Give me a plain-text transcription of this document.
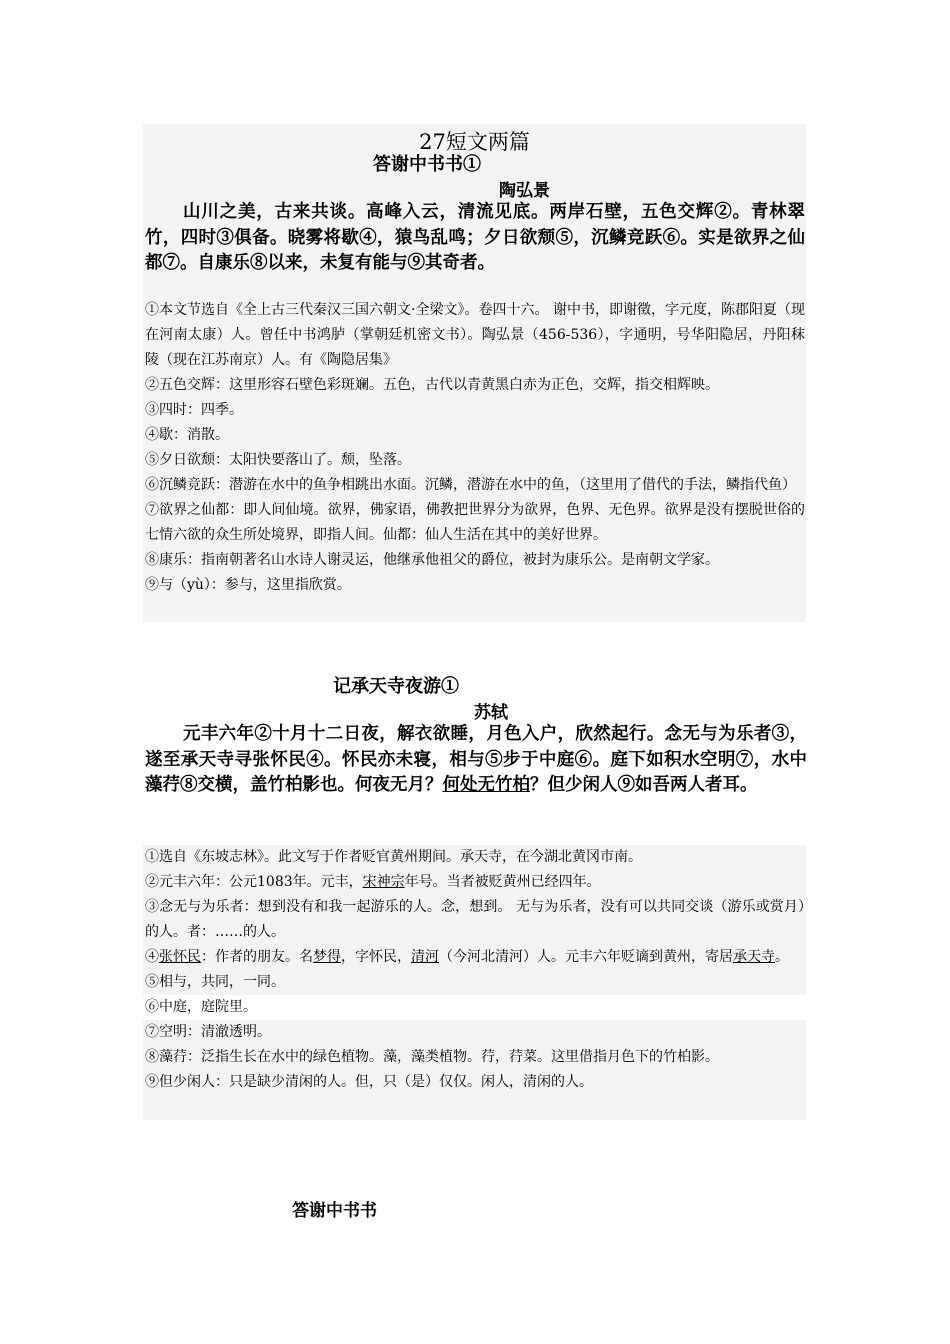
27短文两篇
答谢中书书①
陶弘景
山川之美，古来共谈。高峰入云，清流见底。两岸石壁，五色交辉②。青林翠竹，四时③俱备。晓雾将歇④，猿鸟乱鸣；夕日欲颓⑤，沉鳞竞跃⑥。实是欲界之仙都⑦。自康乐⑧以来，未复有能与⑨其奇者。

①本文节选自《全上古三代秦汉三国六朝文·全梁文》。卷四十六。 谢中书，即谢徵，字元度，陈郡阳夏（现在河南太康）人。曾任中书鸿胪（掌朝廷机密文书）。陶弘景（456-536），字通明，号华阳隐居，丹阳秣陵（现在江苏南京）人。有《陶隐居集》

②五色交辉：这里形容石壁色彩斑斓。五色，古代以青黄黑白赤为正色，交辉，指交相辉映。

③四时：四季。

④歇：消散。

⑤夕日欲颓：太阳快要落山了。颓，坠落。

⑥沉鳞竞跃：潜游在水中的鱼争相跳出水面。沉鳞，潜游在水中的鱼，（这里用了借代的手法，鳞指代鱼）

⑦欲界之仙都：即人间仙境。欲界，佛家语，佛教把世界分为欲界，色界、无色界。欲界是没有摆脱世俗的七情六欲的众生所处境界，即指人间。仙都：仙人生活在其中的美好世界。

⑧康乐：指南朝著名山水诗人谢灵运，他继承他祖父的爵位，被封为康乐公。是南朝文学家。

⑨与（yù）：参与，这里指欣赏。

记承天寺夜游①
苏轼
元丰六年②十月十二日夜，解衣欲睡，月色入户，欣然起行。念无与为乐者③，遂至承天寺寻张怀民④。怀民亦未寝，相与⑤步于中庭⑥。庭下如积水空明⑦，水中藻荇⑧交横，盖竹柏影也。何夜无月？何处无竹柏？但少闲人⑨如吾两人者耳。

①选自《东坡志林》。此文写于作者贬官黄州期间。承天寺，在今湖北黄冈市南。

②元丰六年：公元1083年。元丰，宋神宗年号。当者被贬黄州已经四年。

③念无与为乐者：想到没有和我一起游乐的人。念，想到。 无与为乐者，没有可以共同交谈（游乐或赏月）的人。者：……的人。

④张怀民：作者的朋友。名梦得，字怀民，清河（今河北清河）人。元丰六年贬谪到黄州，寄居承天寺。

⑤相与，共同，一同。

⑥中庭，庭院里。

⑦空明：清澈透明。

⑧藻荇：泛指生长在水中的绿色植物。藻，藻类植物。荇，荇菜。这里借指月色下的竹柏影。

⑨但少闲人：只是缺少清闲的人。但，只（是）仅仅。闲人，清闲的人。

答谢中书书
